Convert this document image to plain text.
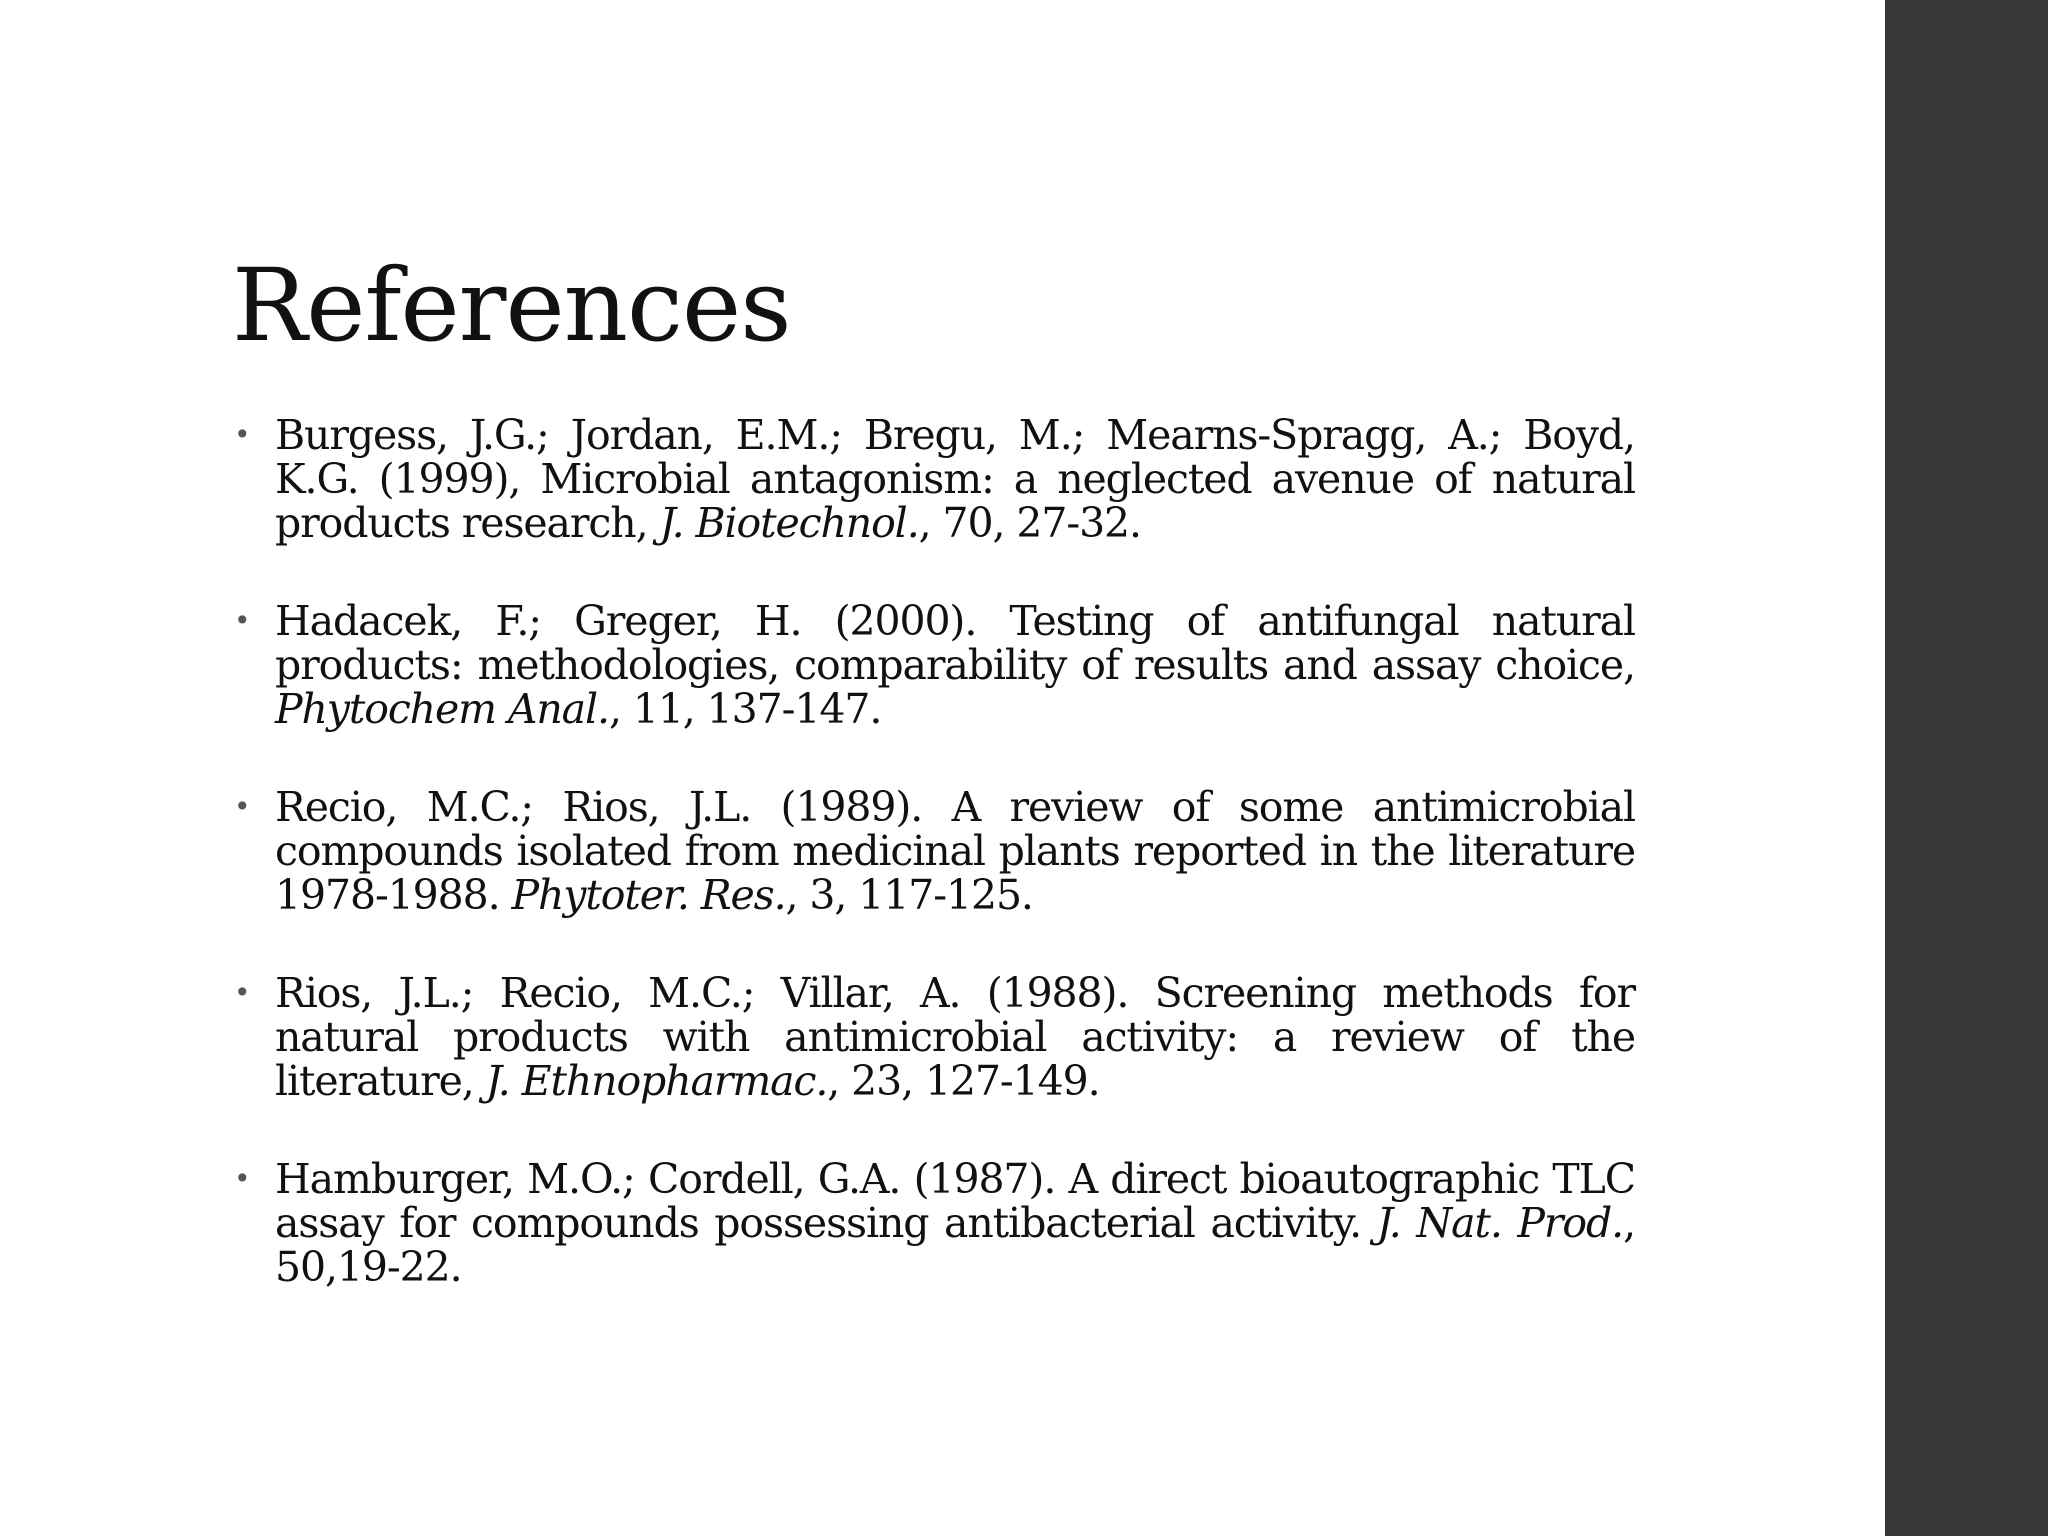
References
• Burgess, J.G.; Jordan, E.M.; Bregu, M.; Mearns-Spragg, A.; Boyd, K.G. (1999), Microbial antagonism: a neglected avenue of natural products research, J. Biotechnol., 70, 27-32.
• Hadacek, F.; Greger, H. (2000). Testing of antifungal natural products: methodologies, comparability of results and assay choice, Phytochem Anal., 11, 137-147.
• Recio, M.C.; Rios, J.L. (1989). A review of some antimicrobial compounds isolated from medicinal plants reported in the literature 1978-1988. Phytoter. Res., 3, 117-125.
• Rios, J.L.; Recio, M.C.; Villar, A. (1988). Screening methods for natural products with antimicrobial activity: a review of the literature, J. Ethnopharmac., 23, 127-149.
• Hamburger, M.O.; Cordell, G.A. (1987). A direct bioautographic TLC assay for compounds possessing antibacterial activity. J. Nat. Prod., 50,19-22.
